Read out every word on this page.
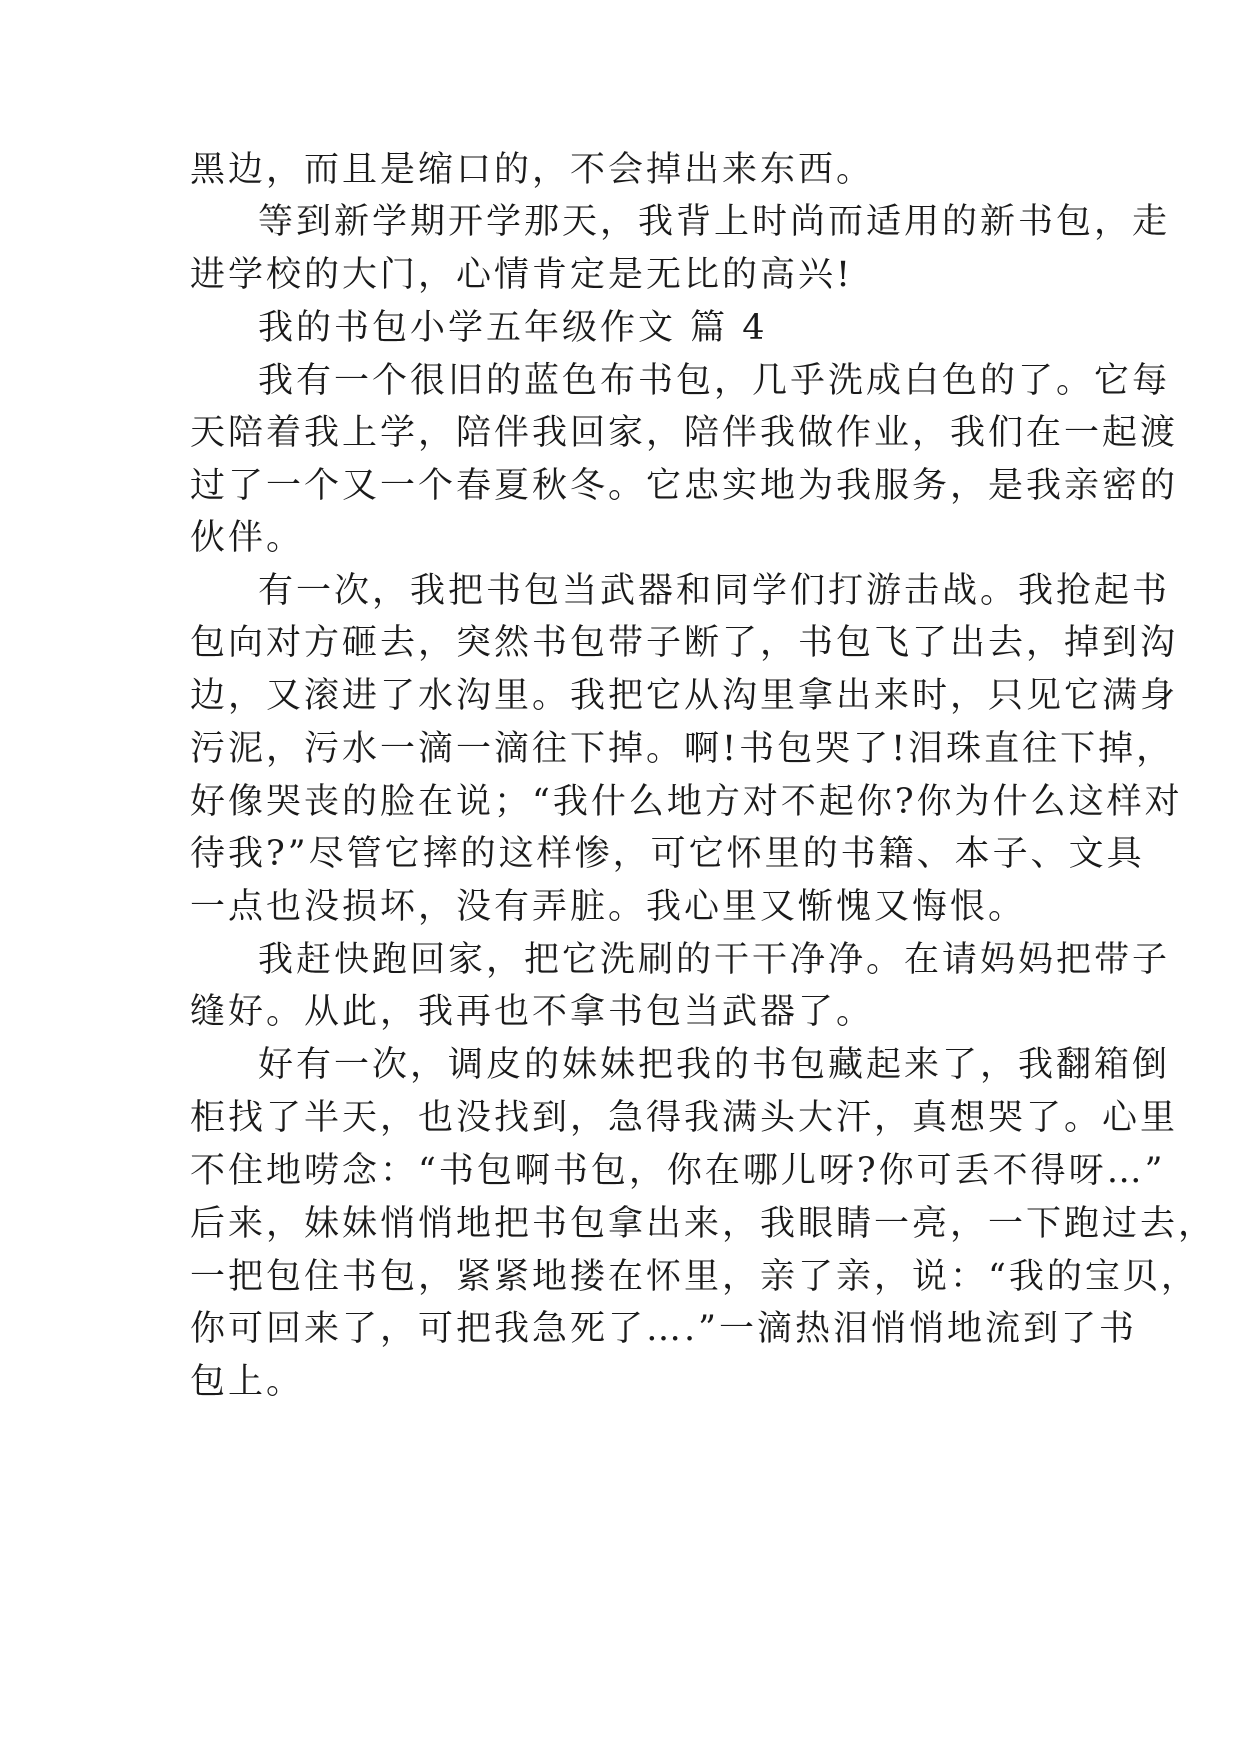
黑边，而且是缩口的，不会掉出来东西。
等到新学期开学那天，我背上时尚而适用的新书包，走
进学校的大门，心情肯定是无比的高兴!
我的书包小学五年级作文 篇 4
我有一个很旧的蓝色布书包，几乎洗成白色的了。它每
天陪着我上学，陪伴我回家，陪伴我做作业，我们在一起渡
过了一个又一个春夏秋冬。它忠实地为我服务，是我亲密的
伙伴。
有一次，我把书包当武器和同学们打游击战。我抢起书
包向对方砸去，突然书包带子断了，书包飞了出去，掉到沟
边，又滚进了水沟里。我把它从沟里拿出来时，只见它满身
污泥，污水一滴一滴往下掉。啊!书包哭了!泪珠直往下掉，
好像哭丧的脸在说；“我什么地方对不起你?你为什么这样对
待我?”尽管它摔的这样惨，可它怀里的书籍、本子、文具
一点也没损坏，没有弄脏。我心里又惭愧又悔恨。
我赶快跑回家，把它洗刷的干干净净。在请妈妈把带子
缝好。从此，我再也不拿书包当武器了。
好有一次，调皮的妹妹把我的书包藏起来了，我翻箱倒
柜找了半天，也没找到，急得我满头大汗，真想哭了。心里
不住地唠念：“书包啊书包，你在哪儿呀?你可丢不得呀…”
后来，妹妹悄悄地把书包拿出来，我眼睛一亮，一下跑过去，
一把包住书包，紧紧地搂在怀里，亲了亲，说：“我的宝贝，
你可回来了，可把我急死了….”一滴热泪悄悄地流到了书
包上。
